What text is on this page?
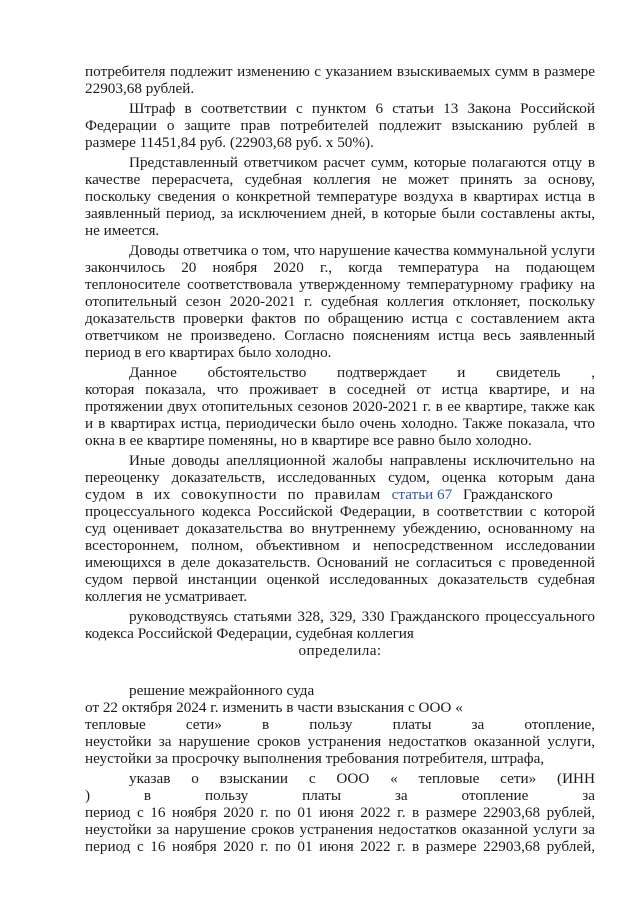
потребителя подлежит изменению с указанием взыскиваемых сумм в размере
22903,68 рублей.
Штраф в соответствии с пунктом 6 статьи 13 Закона Российской
Федерации о защите прав потребителей подлежит взысканию рублей в
размере 11451,84 руб. (22903,68 руб. х 50%).
Представленный ответчиком расчет сумм, которые полагаются отцу в
качестве перерасчета, судебная коллегия не может принять за основу,
поскольку сведения о конкретной температуре воздуха в квартирах истца в
заявленный период, за исключением дней, в которые были составлены акты,
не имеется.
Доводы ответчика о том, что нарушение качества коммунальной услуги
закончилось 20 ноября 2020 г., когда температура на подающем
теплоносителе соответствовала утвержденному температурному графику на
отопительный сезон 2020-2021 г. судебная коллегия отклоняет, поскольку
доказательств проверки фактов по обращению истца с составлением акта
ответчиком не произведено. Согласно пояснениям истца весь заявленный
период в его квартирах было холодно.
Данное обстоятельство подтверждает и свидетель ,
которая показала, что проживает в соседней от истца квартире, и на
протяжении двух отопительных сезонов 2020-2021 г. в ее квартире, также как
и в квартирах истца, периодически было очень холодно. Также показала, что
окна в ее квартире поменяны, но в квартире все равно было холодно.
Иные доводы апелляционной жалобы направлены исключительно на
переоценку доказательств, исследованных судом, оценка которым дана
судом в их совокупности по правилам статьи 67 Гражданского
процессуального кодекса Российской Федерации, в соответствии с которой
суд оценивает доказательства во внутреннему убеждению, основанному на
всестороннем, полном, объективном и непосредственном исследовании
имеющихся в деле доказательств. Оснований не согласиться с проведенной
судом первой инстанции оценкой исследованных доказательств судебная
коллегия не усматривает.
руководствуясь статьями 328, 329, 330 Гражданского процессуального
кодекса Российской Федерации, судебная коллегия
определила:
решение межрайонного суда
от 22 октября 2024 г. изменить в части взыскания с ООО «
тепловые сети» в пользу платы за отопление,
неустойки за нарушение сроков устранения недостатков оказанной услуги,
неустойки за просрочку выполнения требования потребителя, штрафа,
указав о взыскании с ООО « тепловые сети» (ИНН
) в пользу платы за отопление за
период с 16 ноября 2020 г. по 01 июня 2022 г. в размере 22903,68 рублей,
неустойки за нарушение сроков устранения недостатков оказанной услуги за
период с 16 ноября 2020 г. по 01 июня 2022 г. в размере 22903,68 рублей,
